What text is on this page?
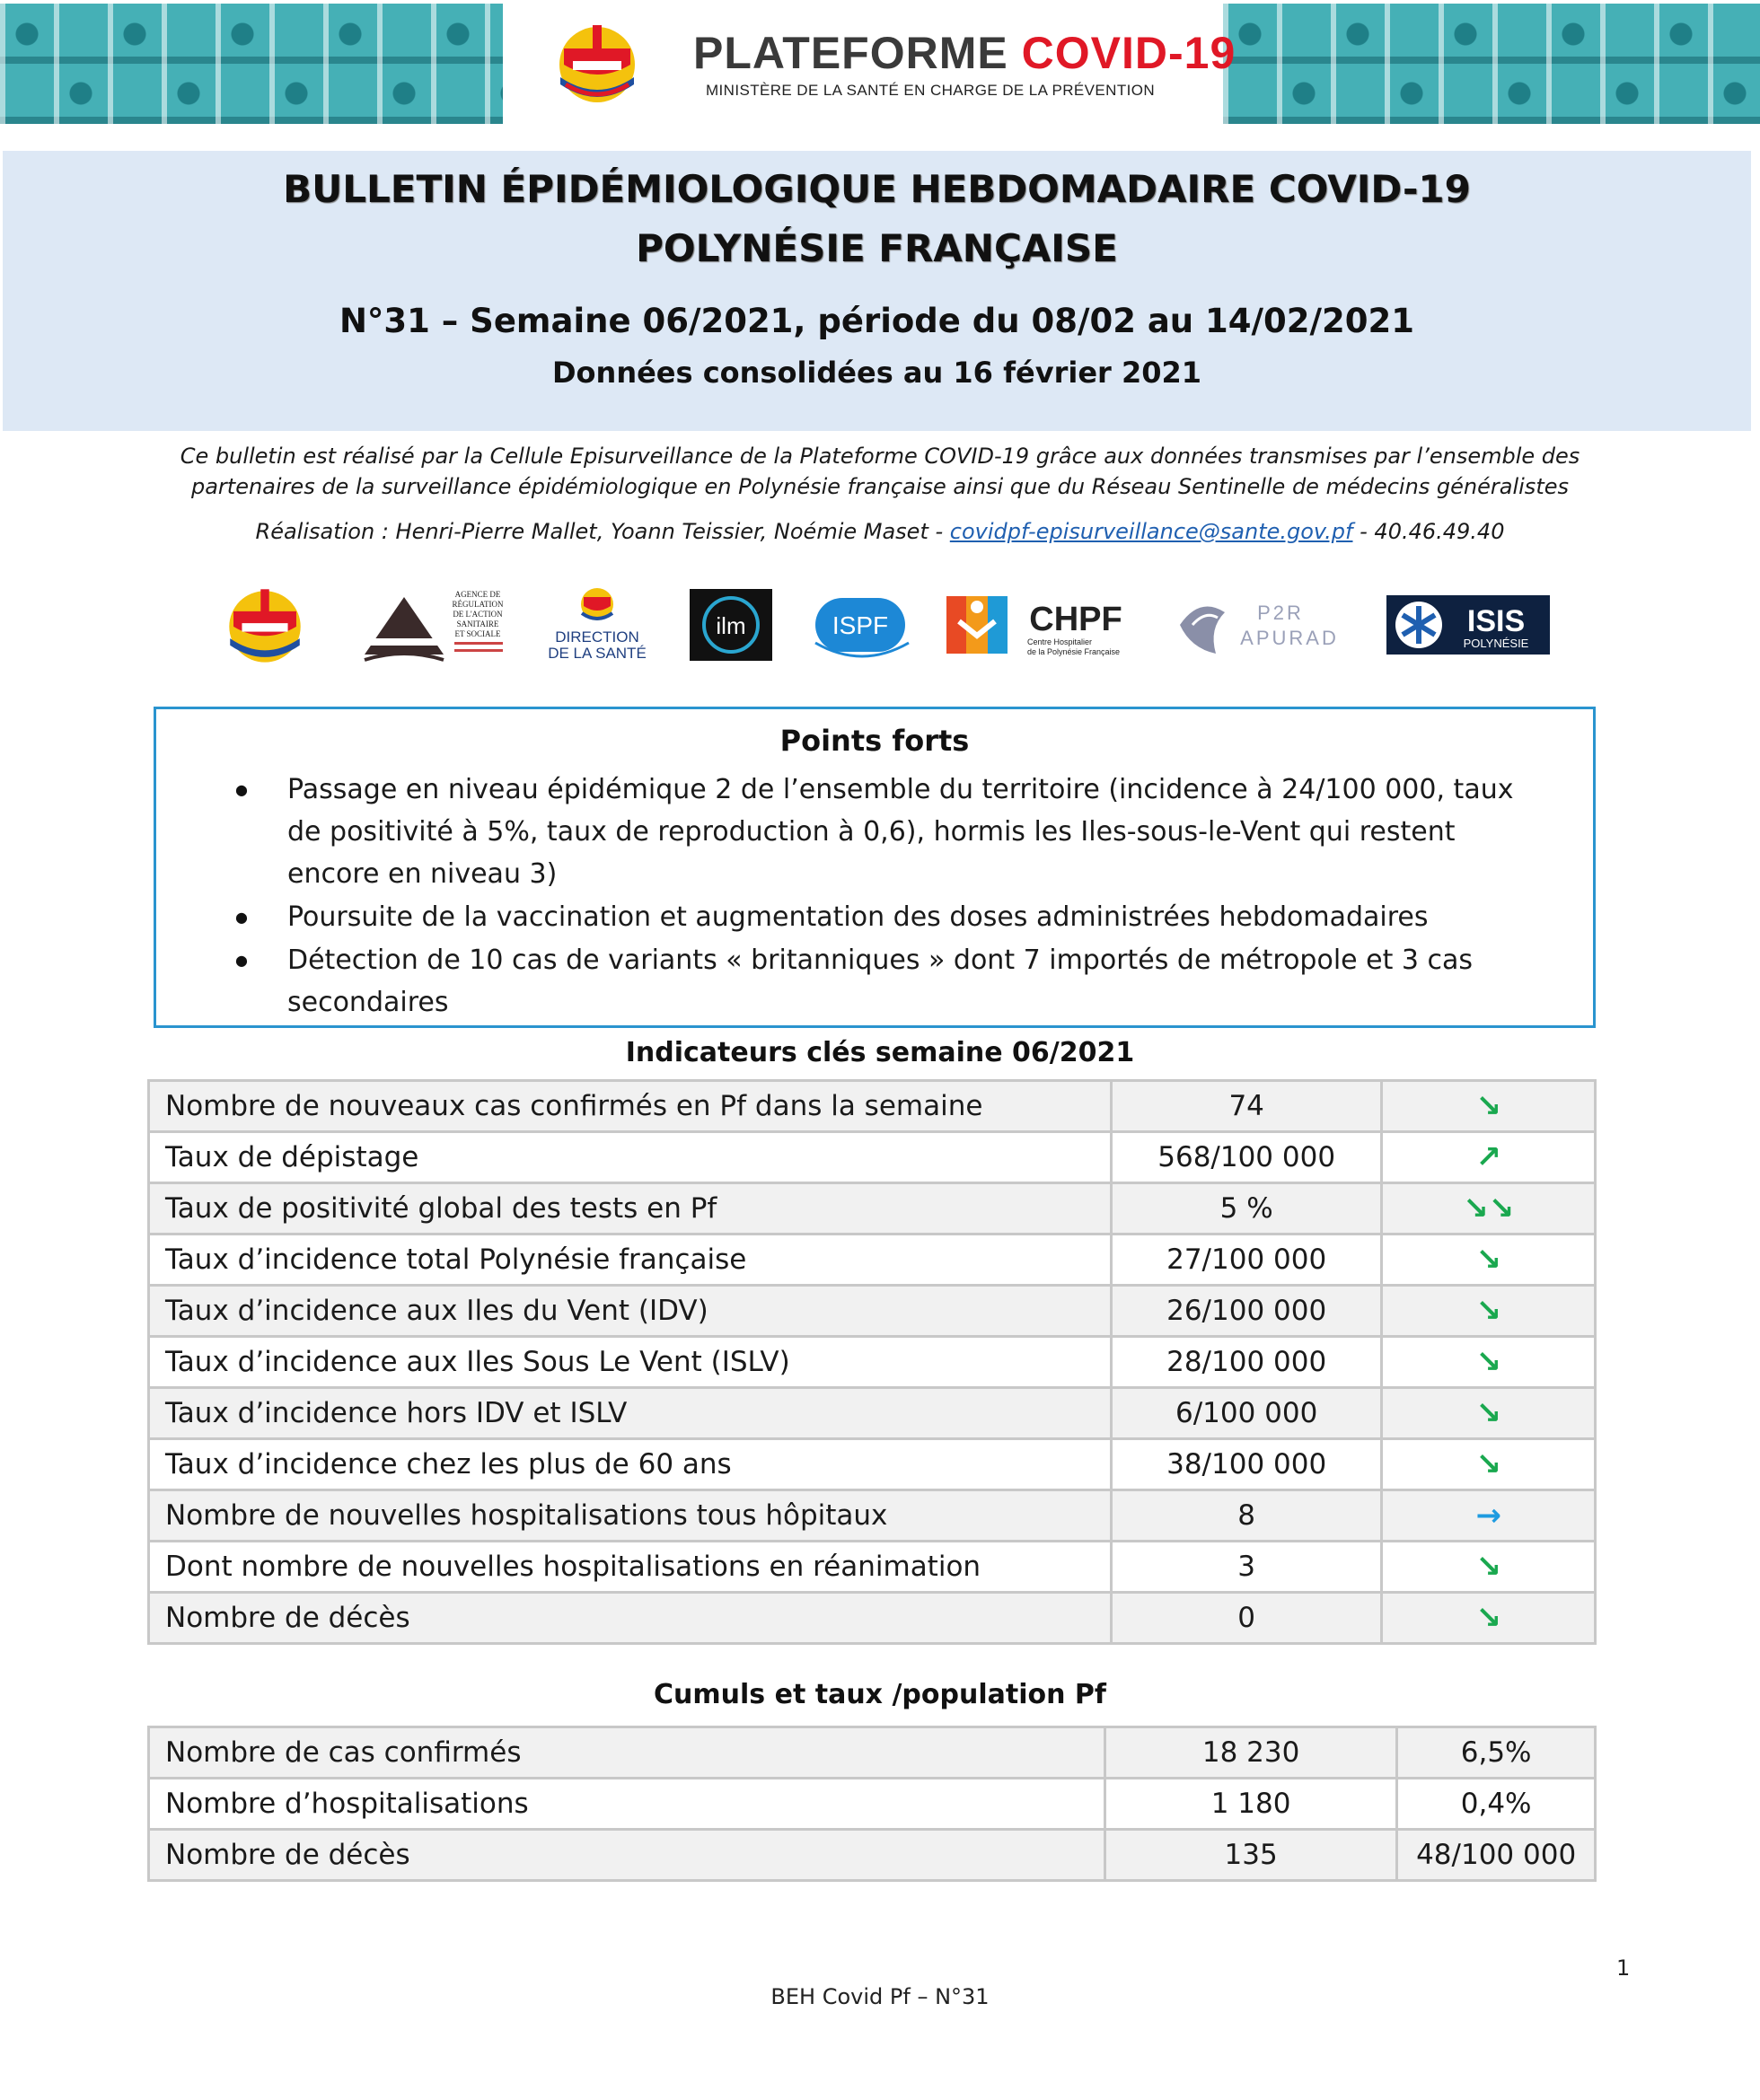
PLATEFORME COVID-19
MINISTÈRE DE LA SANTÉ EN CHARGE DE LA PRÉVENTION
BULLETIN ÉPIDÉMIOLOGIQUE HEBDOMADAIRE COVID-19
POLYNÉSIE FRANÇAISE
N°31 – Semaine 06/2021, période du 08/02 au 14/02/2021
Données consolidées au 16 février 2021
Ce bulletin est réalisé par la Cellule Episurveillance de la Plateforme COVID-19 grâce aux données transmises par l’ensemble des
partenaires de la surveillance épidémiologique en Polynésie française ainsi que du Réseau Sentinelle de médecins généralistes
Réalisation : Henri-Pierre Mallet, Yoann Teissier, Noémie Maset - covidpf-episurveillance@sante.gov.pf - 40.46.49.40
AGENCE DE
RÉGULATION
DE L'ACTION
SANITAIRE
ET SOCIALE	DIRECTION
DE LA SANTÉ
ilm	ISPF	CHPF
Centre Hospitalier
de la Polynésie Française
P2R
APURAD	ISIS
POLYNÉSIE
Points forts
● Passage en niveau épidémique 2 de l’ensemble du territoire (incidence à 24/100 000, taux de positivité à 5%, taux de reproduction à 0,6), hormis les Iles-sous-le-Vent qui restent encore en niveau 3)
● Poursuite de la vaccination et augmentation des doses administrées hebdomadaires
● Détection de 10 cas de variants « britanniques » dont 7 importés de métropole et 3 cas secondaires
Indicateurs clés semaine 06/2021
Nombre de nouveaux cas confirmés en Pf dans la semaine	74	↘
Taux de dépistage	568/100 000	↗
Taux de positivité global des tests en Pf	5 %	↘↘
Taux d’incidence total Polynésie française	27/100 000	↘
Taux d’incidence aux Iles du Vent (IDV)	26/100 000	↘
Taux d’incidence aux Iles Sous Le Vent (ISLV)	28/100 000	↘
Taux d’incidence hors IDV et ISLV	6/100 000	↘
Taux d’incidence chez les plus de 60 ans	38/100 000	↘
Nombre de nouvelles hospitalisations tous hôpitaux	8	→
Dont nombre de nouvelles hospitalisations en réanimation	3	↘
Nombre de décès	0	↘
Cumuls et taux /population Pf
Nombre de cas confirmés	18 230	6,5%
Nombre d’hospitalisations	1 180	0,4%
Nombre de décès	135	48/100 000
1
BEH Covid Pf – N°31
